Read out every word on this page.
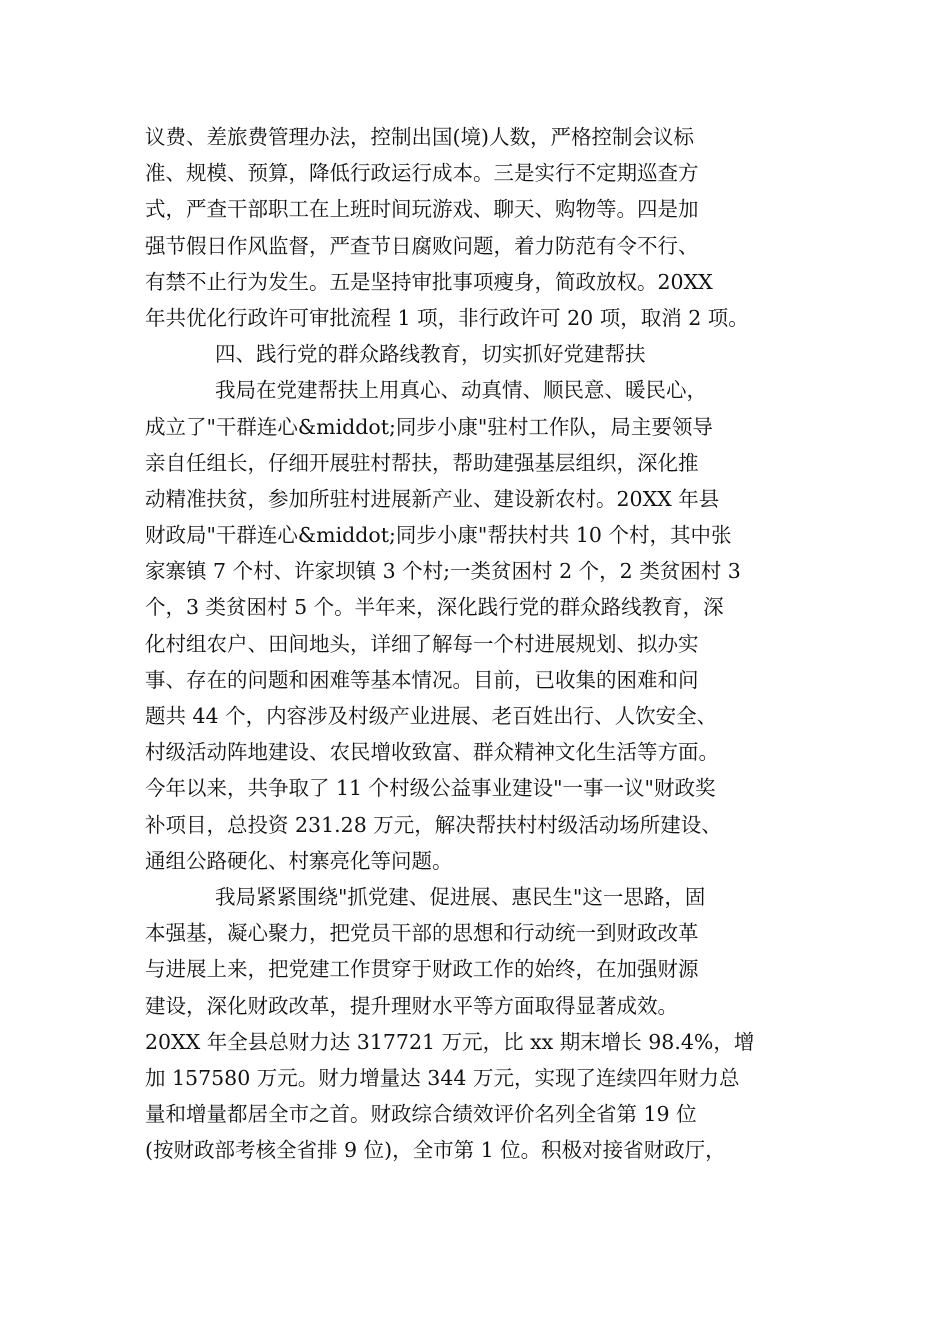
议费、差旅费管理办法，控制出国(境)人数，严格控制会议标
准、规模、预算，降低行政运行成本。三是实行不定期巡查方
式，严查干部职工在上班时间玩游戏、聊天、购物等。四是加
强节假日作风监督，严查节日腐败问题，着力防范有令不行、
有禁不止行为发生。五是坚持审批事项瘦身，简政放权。20XX
年共优化行政许可审批流程 1 项，非行政许可 20 项，取消 2 项。
四、践行党的群众路线教育，切实抓好党建帮扶
我局在党建帮扶上用真心、动真情、顺民意、暖民心，
成立了"干群连心&middot;同步小康"驻村工作队，局主要领导
亲自任组长，仔细开展驻村帮扶，帮助建强基层组织，深化推
动精准扶贫，参加所驻村进展新产业、建设新农村。20XX 年县
财政局"干群连心&middot;同步小康"帮扶村共 10 个村，其中张
家寨镇 7 个村、许家坝镇 3 个村;一类贫困村 2 个，2 类贫困村 3
个，3 类贫困村 5 个。半年来，深化践行党的群众路线教育，深
化村组农户、田间地头，详细了解每一个村进展规划、拟办实
事、存在的问题和困难等基本情况。目前，已收集的困难和问
题共 44 个，内容涉及村级产业进展、老百姓出行、人饮安全、
村级活动阵地建设、农民增收致富、群众精神文化生活等方面。
今年以来，共争取了 11 个村级公益事业建设"一事一议"财政奖
补项目，总投资 231.28 万元，解决帮扶村村级活动场所建设、
通组公路硬化、村寨亮化等问题。
我局紧紧围绕"抓党建、促进展、惠民生"这一思路，固
本强基，凝心聚力，把党员干部的思想和行动统一到财政改革
与进展上来，把党建工作贯穿于财政工作的始终，在加强财源
建设，深化财政改革，提升理财水平等方面取得显著成效。
20XX 年全县总财力达 317721 万元，比 xx 期末增长 98.4%，增
加 157580 万元。财力增量达 344 万元，实现了连续四年财力总
量和增量都居全市之首。财政综合绩效评价名列全省第 19 位
(按财政部考核全省排 9 位)，全市第 1 位。积极对接省财政厅，
